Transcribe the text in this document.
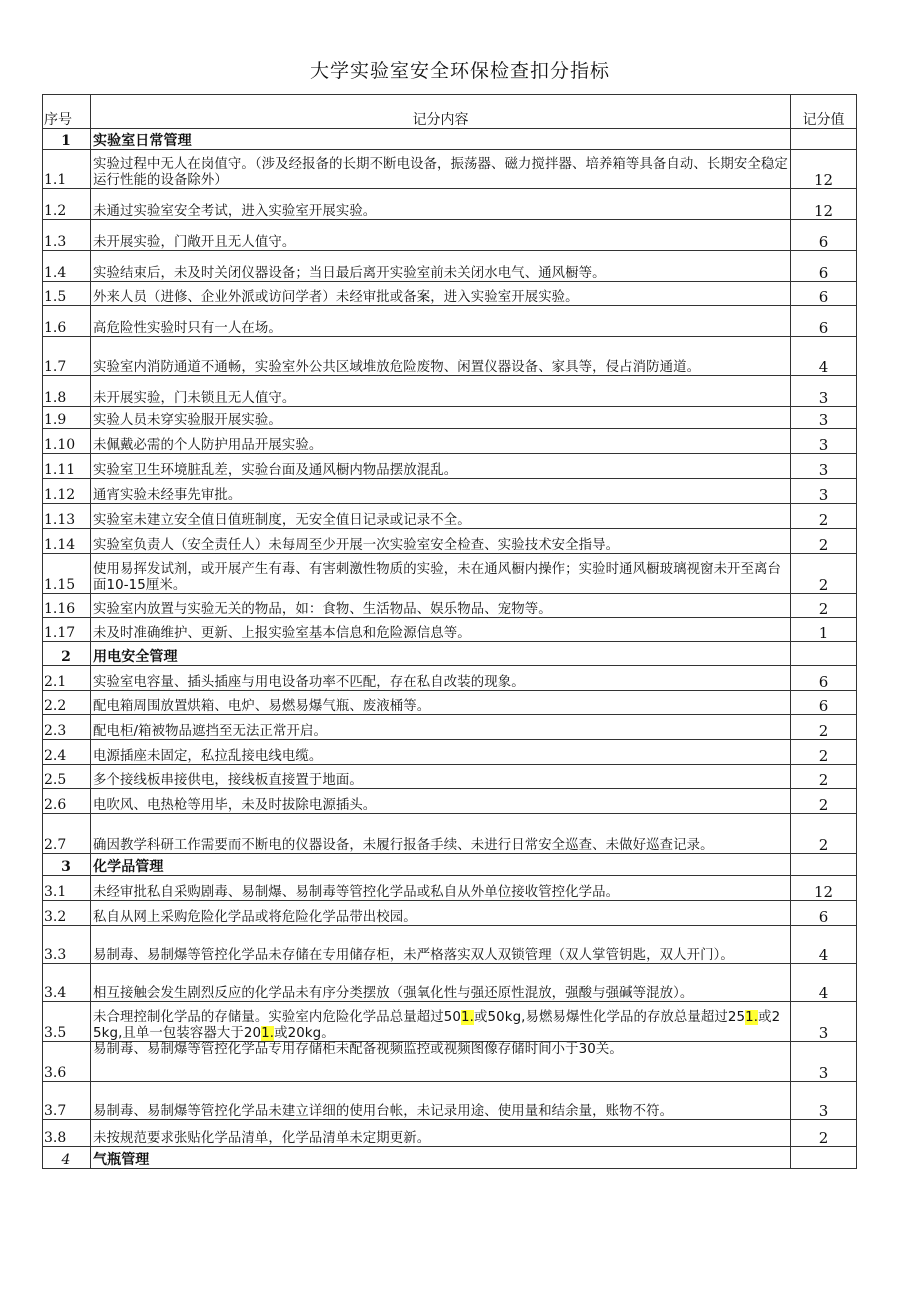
大学实验室安全环保检查扣分指标
序号	记分内容	记分值
1	实验室日常管理	
1.1	实验过程中无人在岗值守。（涉及经报备的长期不断电设备，振荡器、磁力搅拌器、培养箱等具备自动、长期安全稳定运行性能的设备除外）	12
1.2	未通过实验室安全考试，进入实验室开展实验。	12
1.3	未开展实验，门敞开且无人值守。	6
1.4	实验结束后，未及时关闭仪器设备；当日最后离开实验室前未关闭水电气、通风橱等。	6
1.5	外来人员（进修、企业外派或访问学者）未经审批或备案，进入实验室开展实验。	6
1.6	高危险性实验时只有一人在场。	6
1.7	实验室内消防通道不通畅，实验室外公共区域堆放危险废物、闲置仪器设备、家具等，侵占消防通道。	4
1.8	未开展实验，门未锁且无人值守。	3
1.9	实验人员未穿实验服开展实验。	3
1.10	未佩戴必需的个人防护用品开展实验。	3
1.11	实验室卫生环境脏乱差，实验台面及通风橱内物品摆放混乱。	3
1.12	通宵实验未经事先审批。	3
1.13	实验室未建立安全值日值班制度，无安全值日记录或记录不全。	2
1.14	实验室负责人（安全责任人）未每周至少开展一次实验室安全检查、实验技术安全指导。	2
1.15	使用易挥发试剂，或开展产生有毒、有害刺激性物质的实验，未在通风橱内操作；实验时通风橱玻璃视窗未开至离台面10-15厘米。	2
1.16	实验室内放置与实验无关的物品，如：食物、生活物品、娱乐物品、宠物等。	2
1.17	未及时准确维护、更新、上报实验室基本信息和危险源信息等。	1
2	用电安全管理	
2.1	实验室电容量、插头插座与用电设备功率不匹配，存在私自改装的现象。	6
2.2	配电箱周围放置烘箱、电炉、易燃易爆气瓶、废液桶等。	6
2.3	配电柜/箱被物品遮挡至无法正常开启。	2
2.4	电源插座未固定，私拉乱接电线电缆。	2
2.5	多个接线板串接供电，接线板直接置于地面。	2
2.6	电吹风、电热枪等用毕，未及时拔除电源插头。	2
2.7	确因教学科研工作需要而不断电的仪器设备，未履行报备手续、未进行日常安全巡查、未做好巡查记录。	2
3	化学品管理	
3.1	未经审批私自采购剧毒、易制爆、易制毒等管控化学品或私自从外单位接收管控化学品。	12
3.2	私自从网上采购危险化学品或将危险化学品带出校园。	6
3.3	易制毒、易制爆等管控化学品未存储在专用储存柜，未严格落实双人双锁管理（双人掌管钥匙，双人开门）。	4
3.4	相互接触会发生剧烈反应的化学品未有序分类摆放（强氧化性与强还原性混放，强酸与强碱等混放）。	4
3.5	未合理控制化学品的存储量。实验室内危险化学品总量超过501.或50kg,易燃易爆性化学品的存放总量超过251.或25kg,且单一包装容器大于201.或20kg。	3
3.6	易制毒、易制爆等管控化学品专用存储柜未配备视频监控或视频图像存储时间小于30关。	3
3.7	易制毒、易制爆等管控化学品未建立详细的使用台帐，未记录用途、使用量和结余量，账物不符。	3
3.8	未按规范要求张贴化学品清单，化学品清单未定期更新。	2
4	气瓶管理	
